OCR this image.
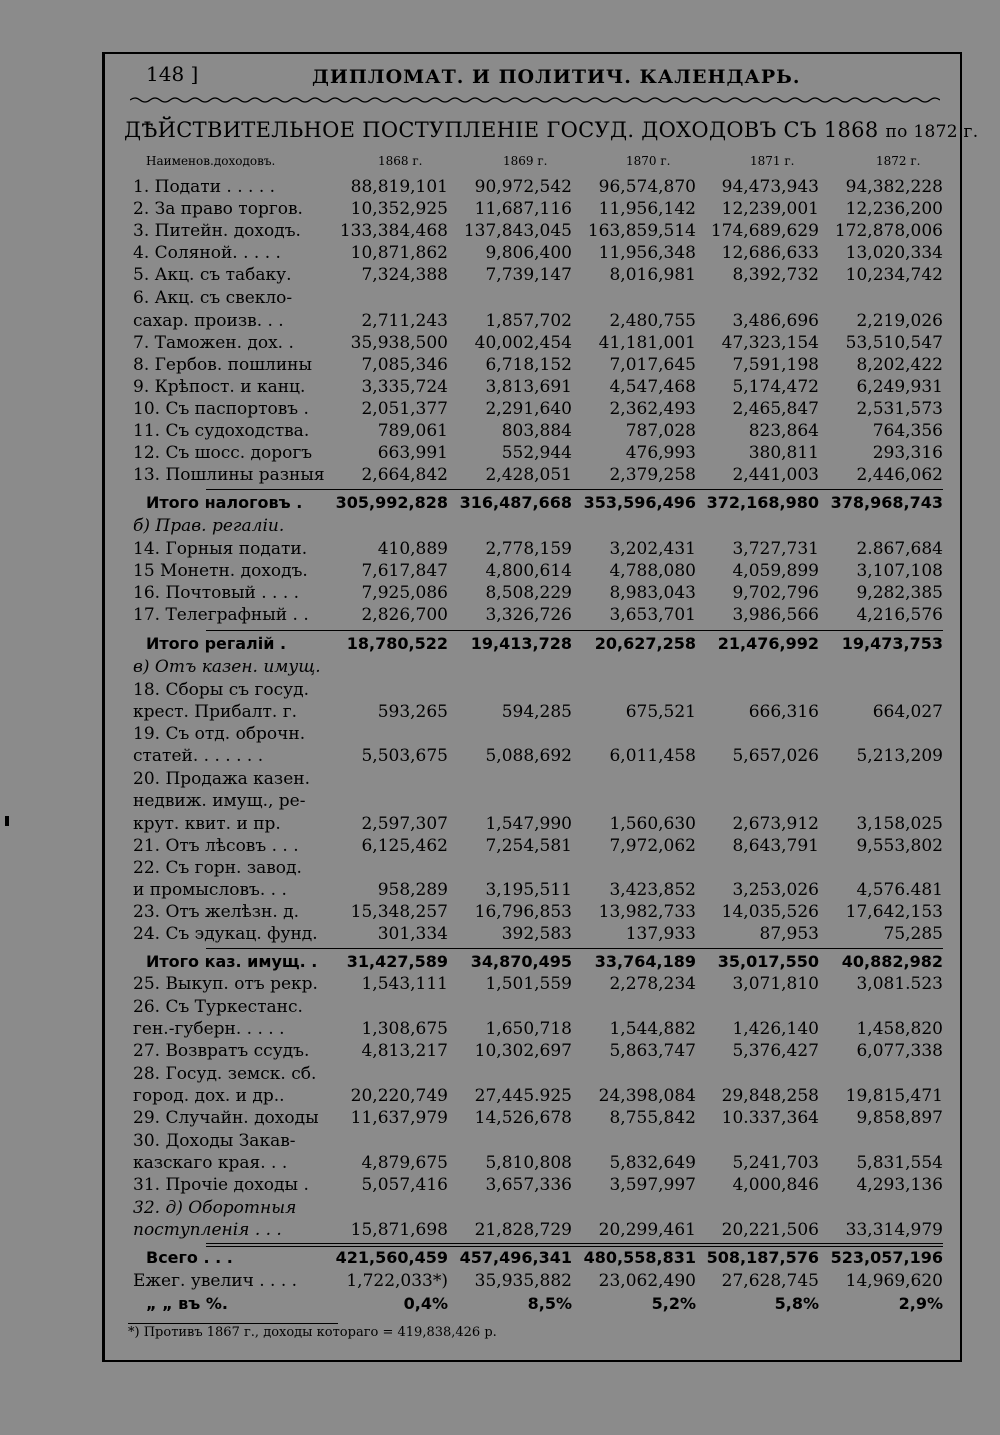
148 ]	ДИПЛОМАТ. И ПОЛИТИЧ. КАЛЕНДАРЬ.
ДѢЙСТВИТЕЛЬНОЕ ПОСТУПЛЕНІЕ ГОСУД. ДОХОДОВЪ СЪ 1868 по 1872 г.
Наименов.доходовъ.	1868 г.	1869 г.	1870 г.	1871 г.	1872 г.
1. Подати . . . . .	88,819,101	90,972,542	96,574,870	94,473,943	94,382,228
2. За право торгов.	10,352,925	11,687,116	11,956,142	12,239,001	12,236,200
3. Питейн. доходъ.	133,384,468 137,843,045 163,859,514 174,689,629 172,878,006
4. Соляной. . . . .	10,871,862	9,806,400	11,956,348	12,686,633	13,020,334
5. Акц. съ табаку.	7,324,388	7,739,147	8,016,981	8,392,732	10,234,742
6. Акц. съ свекло-
сахар. произв. . .	2,711,243	1,857,702	2,480,755	3,486,696	2,219,026
7. Таможен. дох. .	35,938,500	40,002,454	41,181,001	47,323,154	53,510,547
8. Гербов. пошлины	7,085,346	6,718,152	7,017,645	7,591,198	8,202,422
9. Крѣпост. и канц.	3,335,724	3,813,691	4,547,468	5,174,472	6,249,931
10. Съ паспортовъ .	2,051,377	2,291,640	2,362,493	2,465,847	2,531,573
11. Съ судоходства.	789,061	803,884	787,028	823,864	764,356
12. Съ шосс. дорогъ	663,991	552,944	476,993	380,811	293,316
13. Пошлины разныя	2,664,842	2,428,051	2,379,258	2,441,003	2,446,062
Итого налоговъ .	305,992,828 316,487,668 353,596,496 372,168,980 378,968,743
б) Прав. регаліи.
14. Горныя подати.	410,889	2,778,159	3,202,431	3,727,731	2.867,684
15 Монетн. доходъ.	7,617,847	4,800,614	4,788,080	4,059,899	3,107,108
16. Почтовый . . . .	7,925,086	8,508,229	8,983,043	9,702,796	9,282,385
17. Телеграфный . .	2,826,700	3,326,726	3,653,701	3,986,566	4,216,576
Итого регалій .	18,780,522	19,413,728	20,627,258	21,476,992	19,473,753
в) Отъ казен. имущ.
18. Сборы съ госуд.
крест. Прибалт. г.	593,265	594,285	675,521	666,316	664,027
19. Съ отд. оброчн.
статей. . . . . . .	5,503,675	5,088,692	6,011,458	5,657,026	5,213,209
20. Продажа казен.
недвиж. имущ., ре-
крут. квит. и пр.	2,597,307	1,547,990	1,560,630	2,673,912	3,158,025
21. Отъ лѣсовъ . . .	6,125,462	7,254,581	7,972,062	8,643,791	9,553,802
22. Съ горн. завод.
и промысловъ. . .	958,289	3,195,511	3,423,852	3,253,026	4,576.481
23. Отъ желѣзн. д.	15,348,257	16,796,853	13,982,733	14,035,526	17,642,153
24. Съ эдукац. фунд.	301,334	392,583	137,933	87,953	75,285
Итого каз. имущ. .	31,427,589	34,870,495	33,764,189	35,017,550	40,882,982
25. Выкуп. отъ рекр.	1,543,111	1,501,559	2,278,234	3,071,810	3,081.523
26. Съ Туркестанс.
ген.-губерн. . . . .	1,308,675	1,650,718	1,544,882	1,426,140	1,458,820
27. Возвратъ ссудъ.	4,813,217	10,302,697	5,863,747	5,376,427	6,077,338
28. Госуд. земск. сб.
город. дох. и др..	20,220,749	27,445.925	24,398,084	29,848,258	19,815,471
29. Случайн. доходы	11,637,979	14,526,678	8,755,842	10.337,364	9,858,897
30. Доходы Закав-
казскаго края. . .	4,879,675	5,810,808	5,832,649	5,241,703	5,831,554
31. Прочіе доходы .	5,057,416	3,657,336	3,597,997	4,000,846	4,293,136
32. д) Оборотныя
поступленія . . .	15,871,698	21,828,729	20,299,461	20,221,506	33,314,979
Всего . . .	421,560,459 457,496,341 480,558,831 508,187,576 523,057,196
Ежег. увелич . . . .	1,722,033*)	35,935,882	23,062,490	27,628,745	14,969,620
„ „ въ %.	0,4%	8,5%	5,2%	5,8%	2,9%
*) Противъ 1867 г., доходы котораго = 419,838,426 р.
